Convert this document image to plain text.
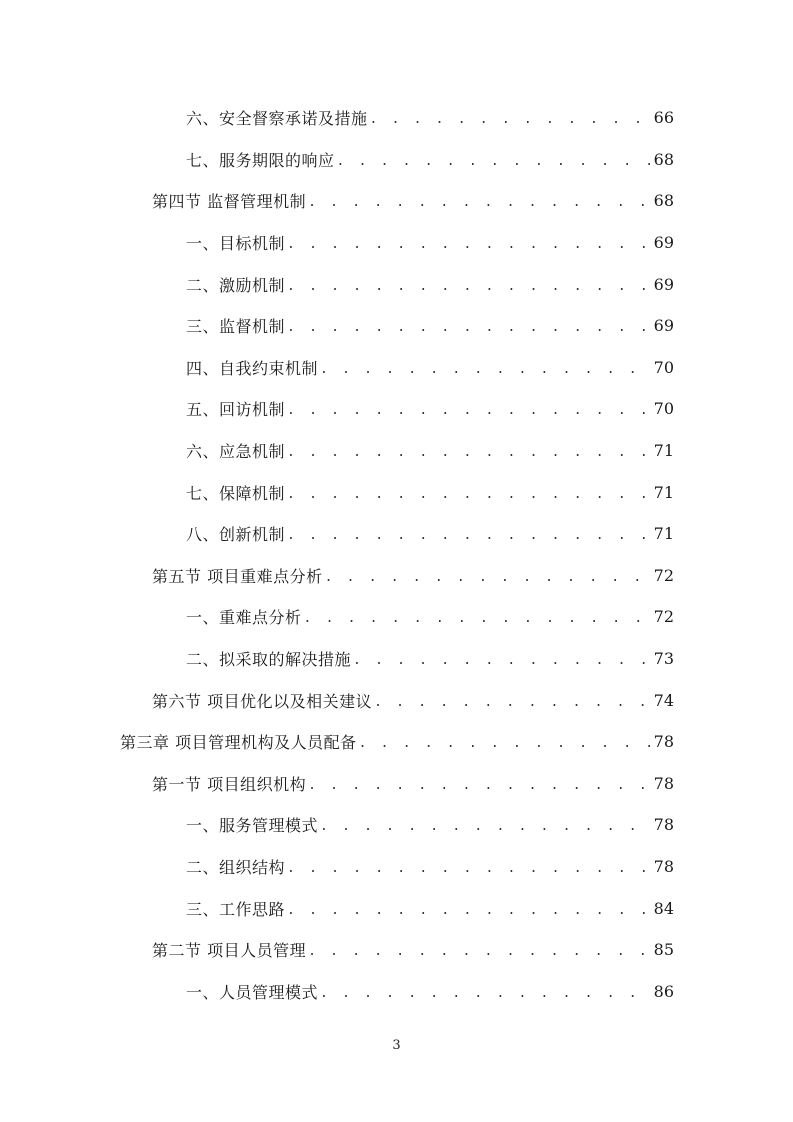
六、安全督察承诺及措施 . . .	66
七、服务期限的响应 . . .	68
第四节 监督管理机制 . . .	68
一、目标机制 . . .	69
二、激励机制 . . .	69
三、监督机制 . . .	69
四、自我约束机制 . . .	70
五、回访机制 . . .	70
六、应急机制 . . .	71
七、保障机制 . . .	71
八、创新机制 . . .	71
第五节 项目重难点分析 . . .	72
一、重难点分析 . . .	72
二、拟采取的解决措施 . . .	73
第六节 项目优化以及相关建议 . . .	74
第三章 项目管理机构及人员配备 . . .	78
第一节 项目组织机构 . . .	78
一、服务管理模式 . . .	78
二、组织结构 . . .	78
三、工作思路 . . .	84
第二节 项目人员管理 . . .	85
一、人员管理模式 . . .	86
3
